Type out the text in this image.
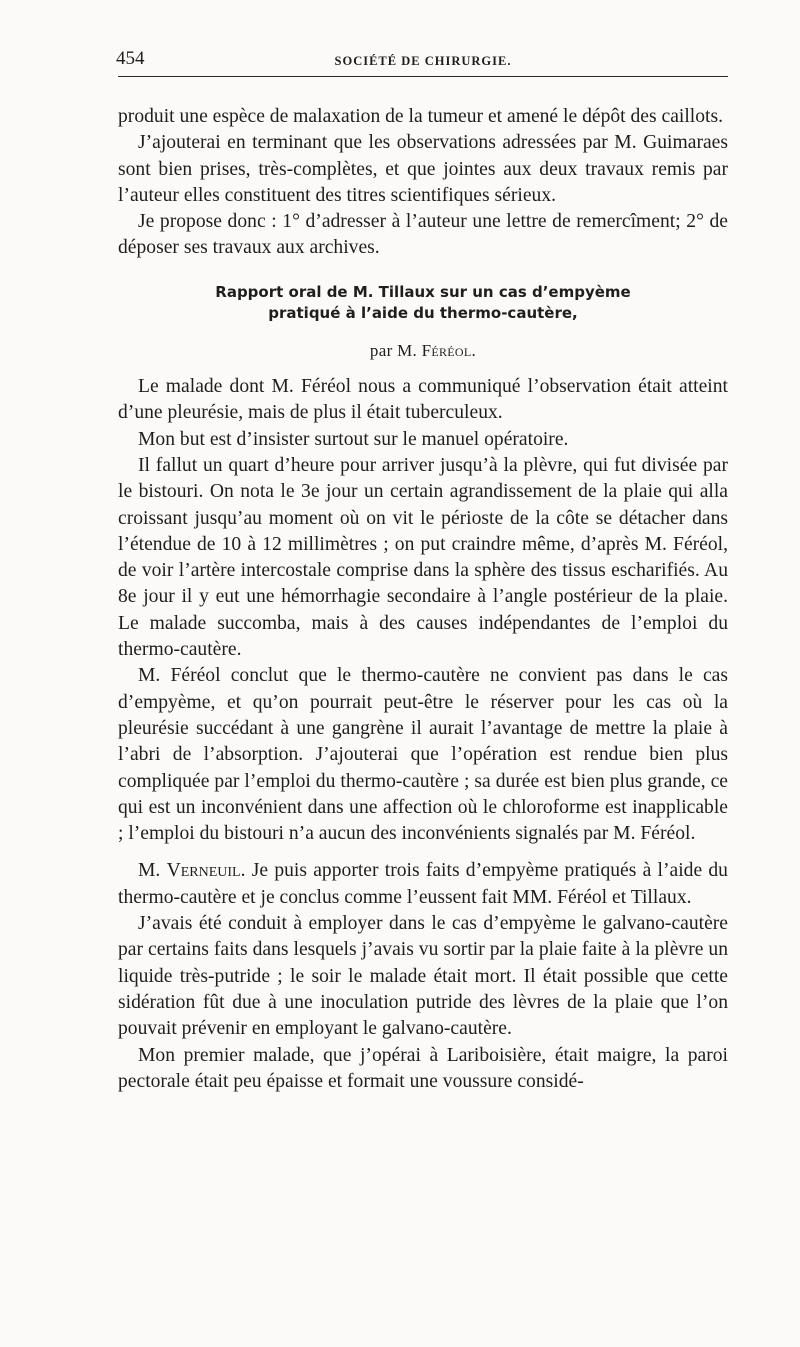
454	SOCIÉTÉ DE CHIRURGIE.

produit une espèce de malaxation de la tumeur et amené le dépôt des caillots.

J’ajouterai en terminant que les observations adressées par M. Guimaraes sont bien prises, très-complètes, et que jointes aux deux travaux remis par l’auteur elles constituent des titres scientifiques sérieux.

Je propose donc : 1° d’adresser à l’auteur une lettre de remercîment; 2° de déposer ses travaux aux archives.

Rapport oral de M. Tillaux sur un cas d’empyème
pratiqué à l’aide du thermo-cautère,
par M. Féréol.

Le malade dont M. Féréol nous a communiqué l’observation était atteint d’une pleurésie, mais de plus il était tuberculeux.

Mon but est d’insister surtout sur le manuel opératoire.

Il fallut un quart d’heure pour arriver jusqu’à la plèvre, qui fut divisée par le bistouri. On nota le 3e jour un certain agrandissement de la plaie qui alla croissant jusqu’au moment où on vit le périoste de la côte se détacher dans l’étendue de 10 à 12 millimètres ; on put craindre même, d’après M. Féréol, de voir l’artère intercostale comprise dans la sphère des tissus escharifiés. Au 8e jour il y eut une hémorrhagie secondaire à l’angle postérieur de la plaie. Le malade succomba, mais à des causes indépendantes de l’emploi du thermo-cautère.

M. Féréol conclut que le thermo-cautère ne convient pas dans le cas d’empyème, et qu’on pourrait peut-être le réserver pour les cas où la pleurésie succédant à une gangrène il aurait l’avantage de mettre la plaie à l’abri de l’absorption. J’ajouterai que l’opération est rendue bien plus compliquée par l’emploi du thermo-cautère ; sa durée est bien plus grande, ce qui est un inconvénient dans une affection où le chloroforme est inapplicable ; l’emploi du bistouri n’a aucun des inconvénients signalés par M. Féréol.

M. Verneuil. Je puis apporter trois faits d’empyème pratiqués à l’aide du thermo-cautère et je conclus comme l’eussent fait MM. Féréol et Tillaux.

J’avais été conduit à employer dans le cas d’empyème le galvano-cautère par certains faits dans lesquels j’avais vu sortir par la plaie faite à la plèvre un liquide très-putride ; le soir le malade était mort. Il était possible que cette sidération fût due à une inoculation putride des lèvres de la plaie que l’on pouvait prévenir en employant le galvano-cautère.

Mon premier malade, que j’opérai à Lariboisière, était maigre, la paroi pectorale était peu épaisse et formait une voussure considé-
